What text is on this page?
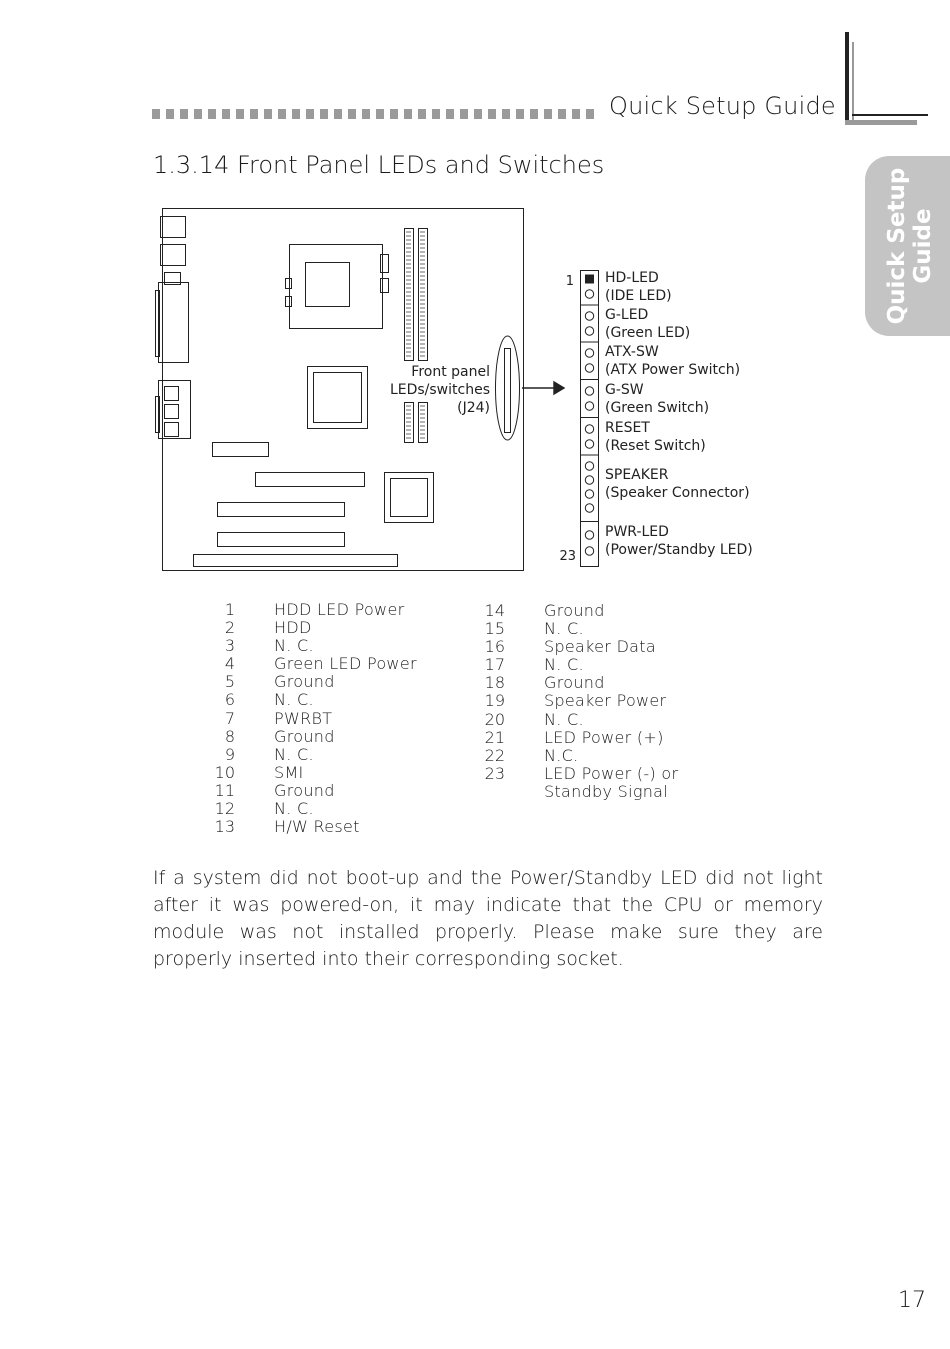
Quick Setup Guide
Quick Setup Guide
1.3.14 Front Panel LEDs and Switches
Front panel
LEDs/switches
(J24)
HD-LED
(IDE LED)
G-LED
(Green LED)
ATX-SW
(ATX Power Switch)
G-SW
(Green Switch)
RESET
(Reset Switch)
SPEAKER
(Speaker Connector)
PWR-LED
(Power/Standby LED)
1
23
1	HDD LED Power
2	HDD
3	N. C.
4	Green LED Power
5	Ground
6	N. C.
7	PWRBT
8	Ground
9	N. C.
10	SMI
11	Ground
12	N. C.
13	H/W Reset
14	Ground
15	N. C.
16	Speaker Data
17	N. C.
18	Ground
19	Speaker Power
20	N. C.
21	LED Power (+)
22	N.C.
23	LED Power (-) or
Standby Signal
If a system did not boot-up and the Power/Standby LED did not light after it was powered-on, it may indicate that the CPU or memory module was not installed properly. Please make sure they are properly inserted into their corresponding socket.
17
